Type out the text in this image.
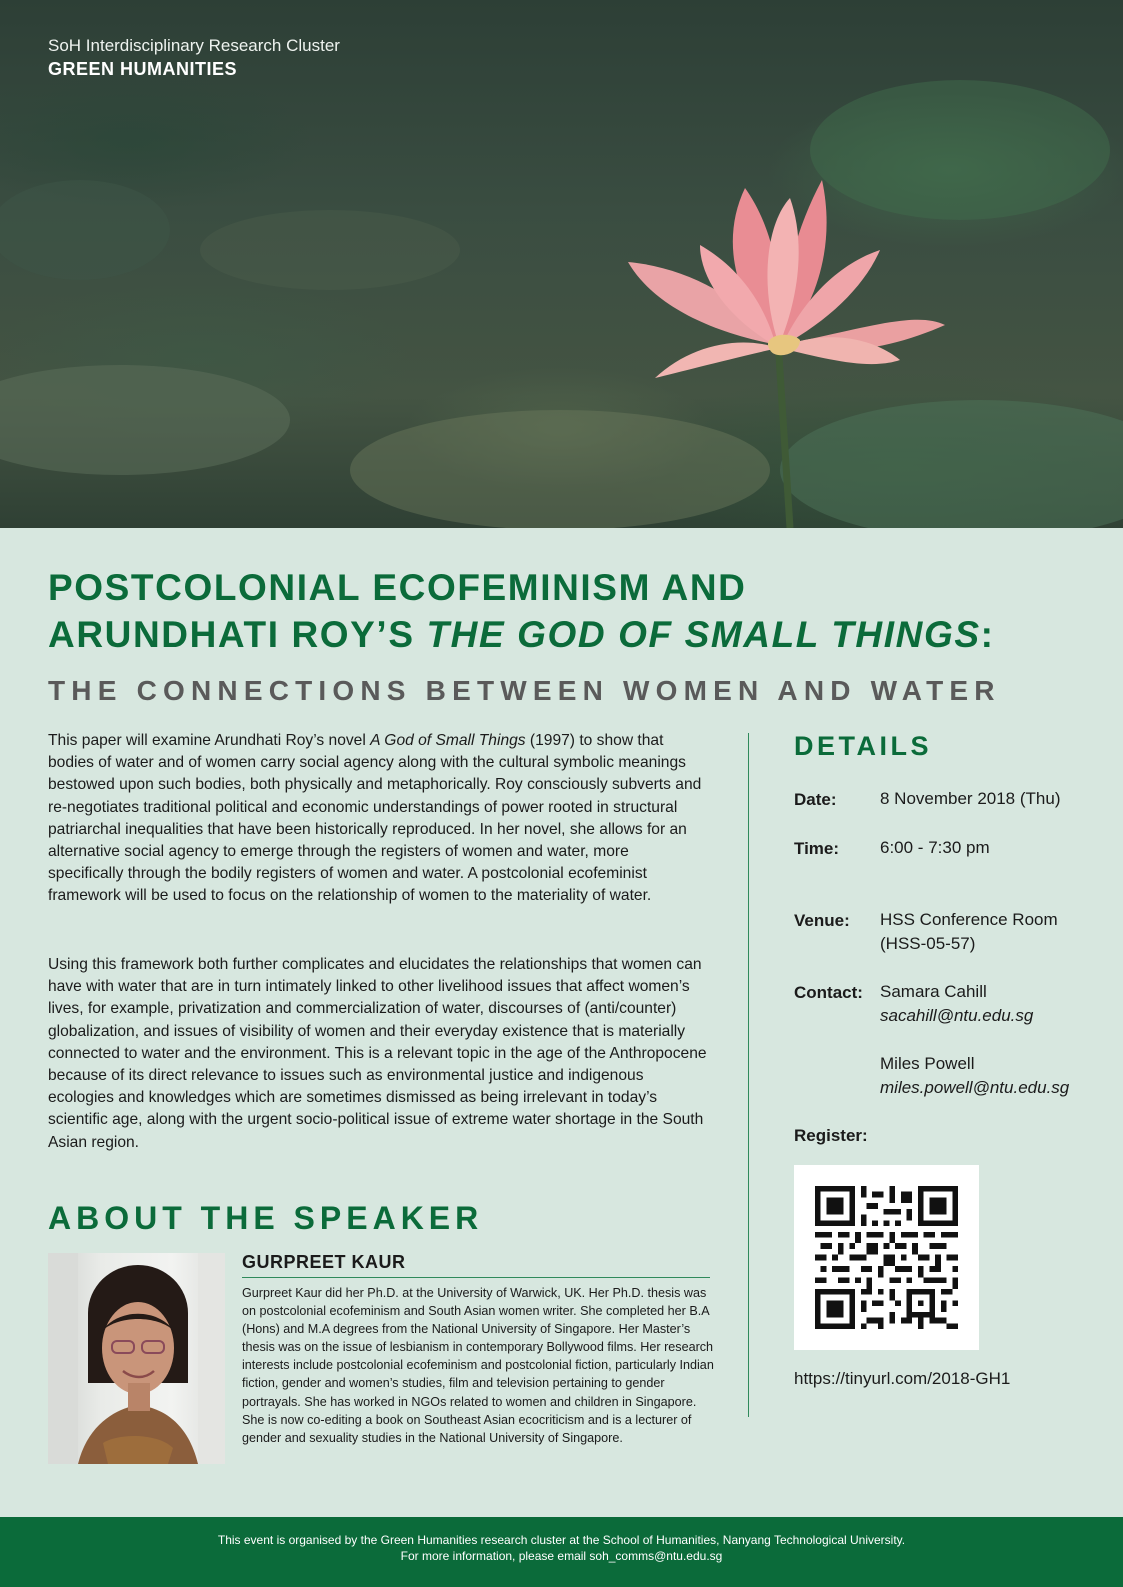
SoH Interdisciplinary Research Cluster
GREEN HUMANITIES
POSTCOLONIAL ECOFEMINISM AND
ARUNDHATI ROY’S THE GOD OF SMALL THINGS:
THE CONNECTIONS BETWEEN WOMEN AND WATER
This paper will examine Arundhati Roy’s novel A God of Small Things (1997) to show that bodies of water and of women carry social agency along with the cultural symbolic meanings bestowed upon such bodies, both physically and metaphorically. Roy consciously subverts and re-negotiates traditional political and economic understandings of power rooted in structural patriarchal inequalities that have been historically reproduced. In her novel, she allows for an alternative social agency to emerge through the registers of women and water, more specifically through the bodily registers of women and water. A postcolonial ecofeminist framework will be used to focus on the relationship of women to the materiality of water.
Using this framework both further complicates and elucidates the relationships that women can have with water that are in turn intimately linked to other livelihood issues that affect women’s lives, for example, privatization and commercialization of water, discourses of (anti/counter) globalization, and issues of visibility of women and their everyday existence that is materially connected to water and the environment. This is a relevant topic in the age of the Anthropocene because of its direct relevance to issues such as environmental justice and indigenous ecologies and knowledges which are sometimes dismissed as being irrelevant in today’s scientific age, along with the urgent socio-political issue of extreme water shortage in the South Asian region.
ABOUT THE SPEAKER
GURPREET KAUR
Gurpreet Kaur did her Ph.D. at the University of Warwick, UK. Her Ph.D. thesis was on postcolonial ecofeminism and South Asian women writer. She completed her B.A (Hons) and M.A degrees from the National University of Singapore. Her Master’s thesis was on the issue of lesbianism in contemporary Bollywood films. Her research interests include postcolonial ecofeminism and postcolonial fiction, particularly Indian fiction, gender and women’s studies, film and television pertaining to gender portrayals. She has worked in NGOs related to women and children in Singapore. She is now co-editing a book on Southeast Asian ecocriticism and is a lecturer of gender and sexuality studies in the National University of Singapore.
DETAILS
Date:	8 November 2018 (Thu)
Time: 6:00 - 7:30 pm
Venue: HSS Conference Room
(HSS-05-57)
Contact: Samara Cahill
sacahill@ntu.edu.sg
Miles Powell
miles.powell@ntu.edu.sg
Register:
https://tinyurl.com/2018-GH1
This event is organised by the Green Humanities research cluster at the School of Humanities, Nanyang Technological University.
For more information, please email soh_comms@ntu.edu.sg
